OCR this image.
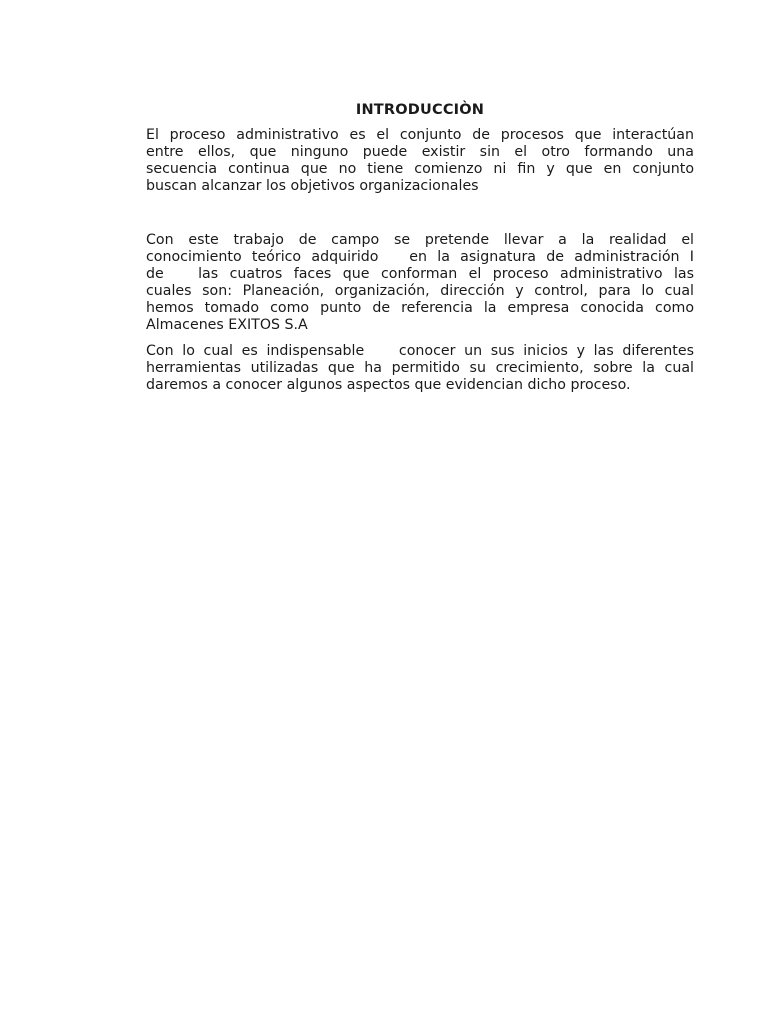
INTRODUCCIÒN
El proceso administrativo es el conjunto de procesos que interactúan
entre ellos, que ninguno puede existir sin el otro formando una
secuencia continua que no tiene comienzo ni fin y que en conjunto
buscan alcanzar los objetivos organizacionales
Con este trabajo de campo se pretende llevar a la realidad el
conocimiento teórico adquirido   en la asignatura de administración I
de   las cuatros faces que conforman el proceso administrativo las
cuales son: Planeación, organización, dirección y control, para lo cual
hemos tomado como punto de referencia la empresa conocida como
Almacenes EXITOS S.A
Con lo cual es indispensable    conocer un sus inicios y las diferentes
herramientas utilizadas que ha permitido su crecimiento, sobre la cual
daremos a conocer algunos aspectos que evidencian dicho proceso.
